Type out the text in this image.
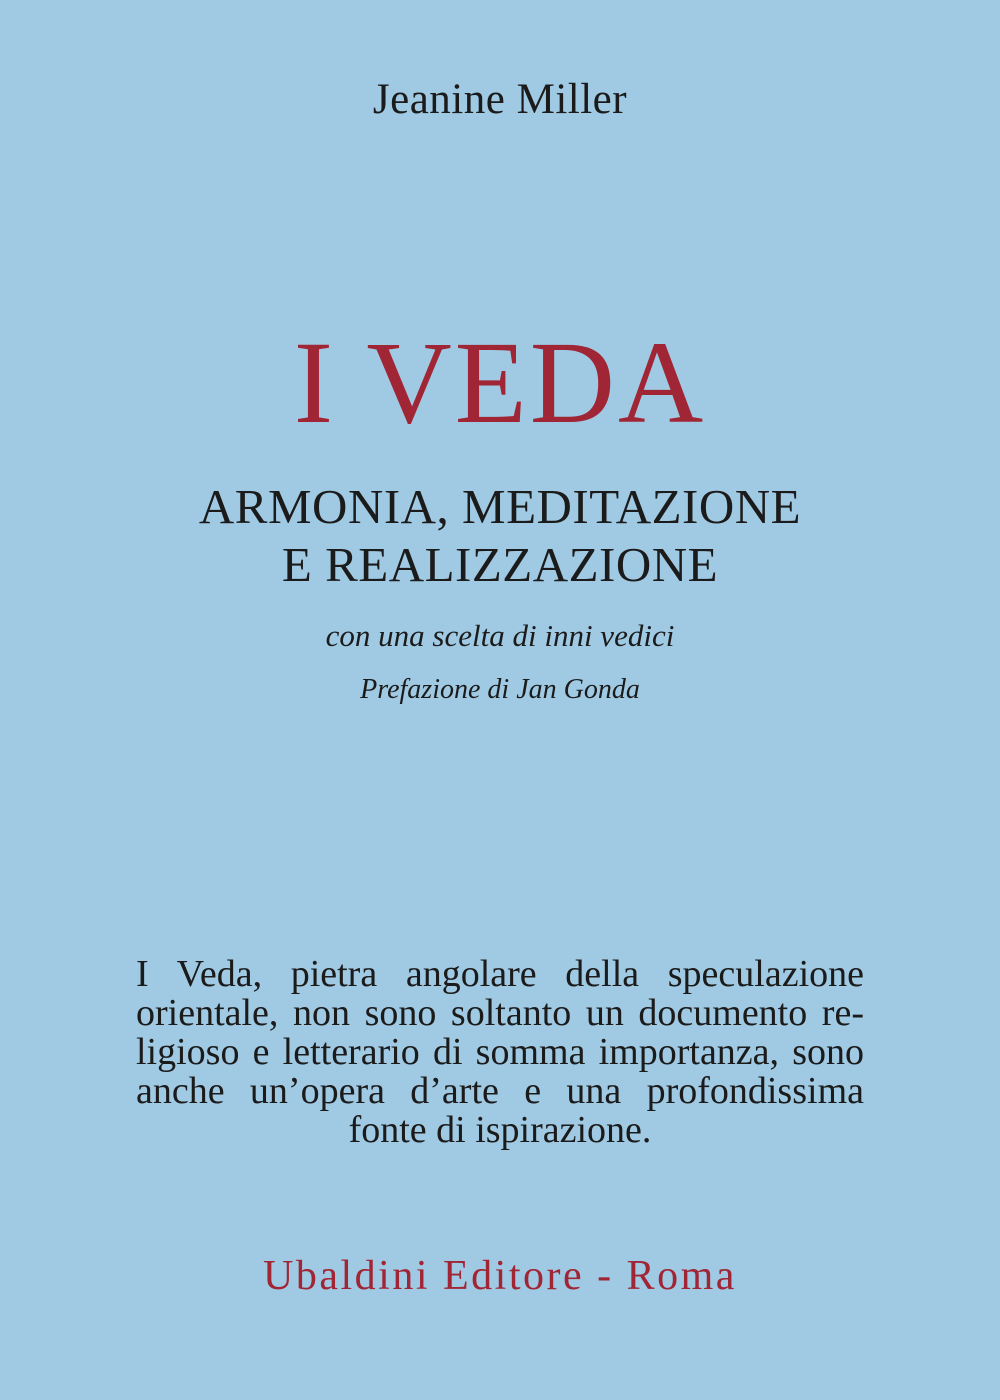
Jeanine Miller
I VEDA
ARMONIA, MEDITAZIONE
E REALIZZAZIONE
con una scelta di inni vedici
Prefazione di Jan Gonda
I Veda, pietra angolare della speculazione orientale, non sono soltanto un documento religioso e letterario di somma importanza, sono anche un’opera d’arte e una profondissima fonte di ispirazione.
Ubaldini Editore - Roma
